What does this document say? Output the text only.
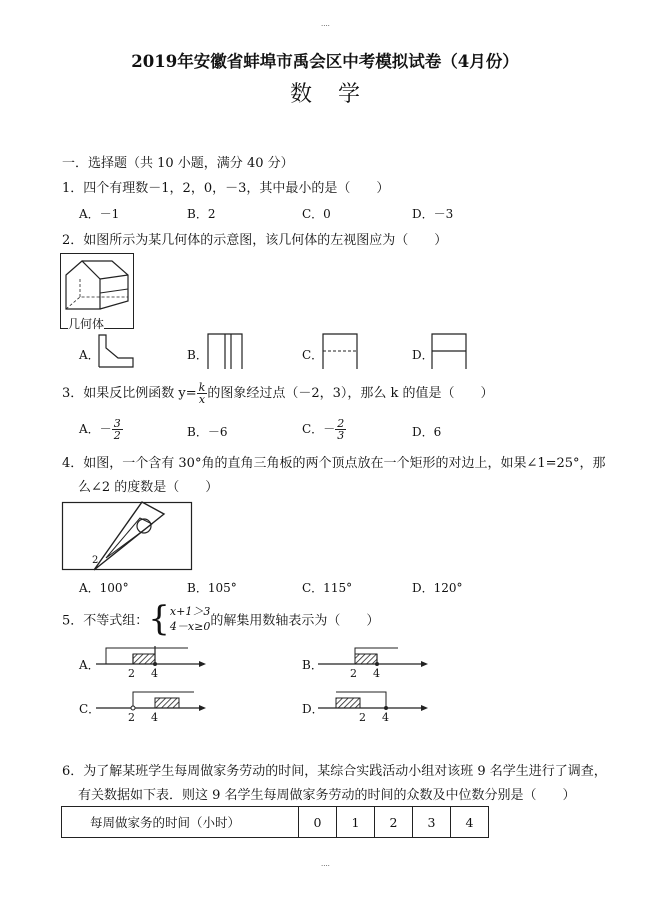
....
2019年安徽省蚌埠市禹会区中考模拟试卷（4月份）
数学
一．选择题（共 10 小题，满分 40 分）
1．四个有理数－1，2，0，－3，其中最小的是（　　）
A．－1	B．2	C．0	D．－3
2．如图所示为某几何体的示意图，该几何体的左视图应为（　　）
几何体
A．	B．	C．	D．
3．如果反比例函数 $y= \frac{k}{x}$ 的图象经过点（－2，3），那么 k 的值是（　　）
A．－ $\frac{3}{2}$	B．－6	C．－ $\frac{2}{3}$	D．6
4．如图，一个含有 30°角的直角三角板的两个顶点放在一个矩形的对边上，如果∠1=25°，那
么∠2 的度数是（　　）
2
A．100°	B．105°	C．115°	D．120°
5．不等式组：{ x+1＞3
4－x≥0 的解集用数轴表示为（　　）
A．
2 4
B．
2 4
C．
2 4
D．
2 4
6．为了解某班学生每周做家务劳动的时间，某综合实践活动小组对该班 9 名学生进行了调查，
有关数据如下表．则这 9 名学生每周做家务劳动的时间的众数及中位数分别是（　　）
每周做家务的时间（小时）	0	1	2	3	4
....
